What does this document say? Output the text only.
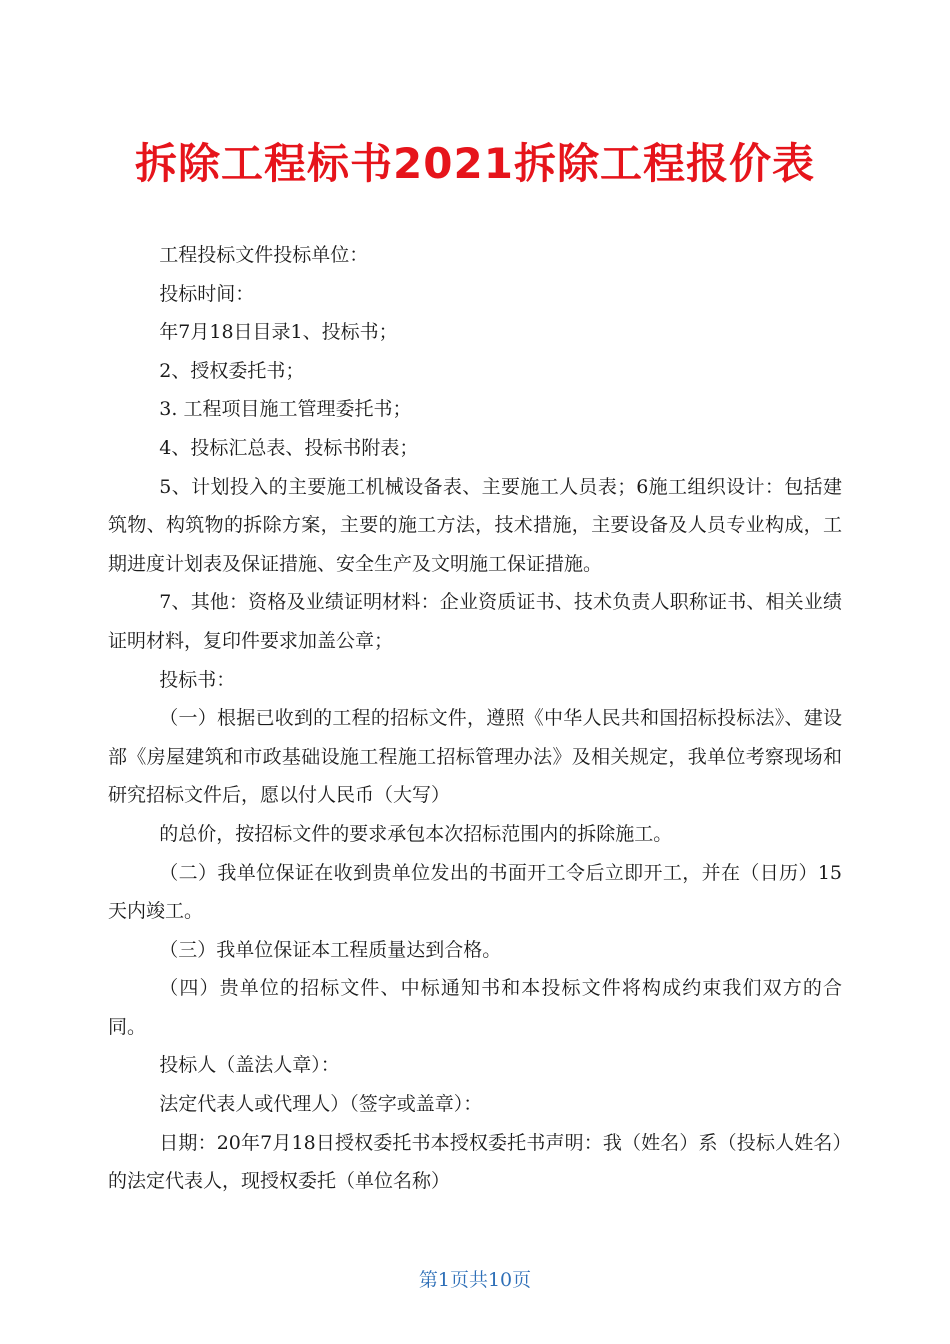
拆除工程标书2021拆除工程报价表

工程投标文件投标单位：

投标时间：

年7月18日目录1、投标书；

2、授权委托书；

3. 工程项目施工管理委托书；

4、投标汇总表、投标书附表；

5、计划投入的主要施工机械设备表、主要施工人员表；6施工组织设计：包括建筑物、构筑物的拆除方案，主要的施工方法，技术措施，主要设备及人员专业构成，工期进度计划表及保证措施、安全生产及文明施工保证措施。

7、其他：资格及业绩证明材料：企业资质证书、技术负责人职称证书、相关业绩证明材料，复印件要求加盖公章；

投标书：

（一）根据已收到的工程的招标文件，遵照《中华人民共和国招标投标法》、建设部《房屋建筑和市政基础设施工程施工招标管理办法》及相关规定，我单位考察现场和研究招标文件后，愿以付人民币（大写）

的总价，按招标文件的要求承包本次招标范围内的拆除施工。

（二）我单位保证在收到贵单位发出的书面开工令后立即开工，并在（日历）15天内竣工。

（三）我单位保证本工程质量达到合格。

（四）贵单位的招标文件、中标通知书和本投标文件将构成约束我们双方的合同。

投标人（盖法人章）：

法定代表人或代理人）（签字或盖章）：

日期：20年7月18日授权委托书本授权委托书声明：我（姓名）系（投标人姓名）的法定代表人，现授权委托（单位名称）

第1页共10页
